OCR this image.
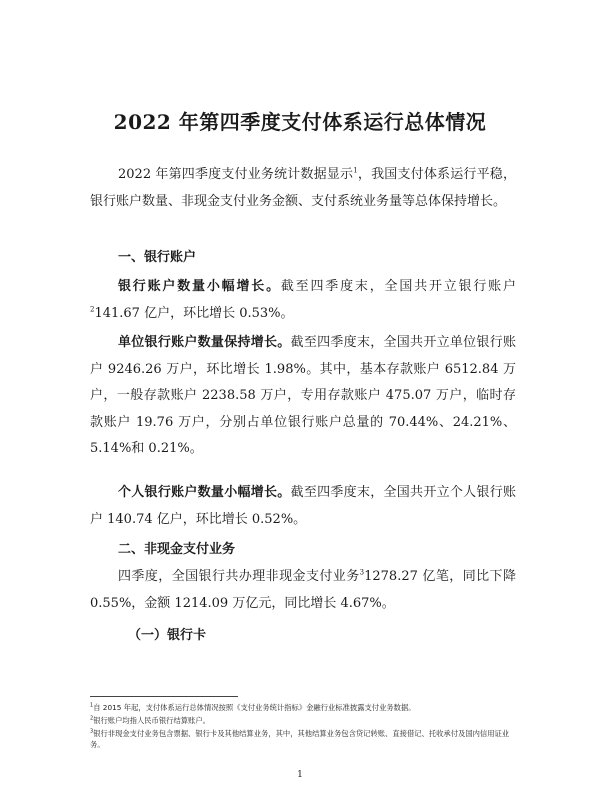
2022 年第四季度支付体系运行总体情况
2022 年第四季度支付业务统计数据显示$^1$，我国支付体系运行平稳，银行账户数量、非现金支付业务金额、支付系统业务量等总体保持增长。
一、银行账户
银行账户数量小幅增长。截至四季度末，全国共开立银行账户$^2$141.67 亿户，环比增长 0.53%。
单位银行账户数量保持增长。截至四季度末，全国共开立单位银行账户 9246.26 万户，环比增长 1.98%。其中，基本存款账户 6512.84 万户，一般存款账户 2238.58 万户，专用存款账户 475.07 万户，临时存款账户 19.76 万户，分别占单位银行账户总量的 70.44%、24.21%、5.14%和 0.21%。
个人银行账户数量小幅增长。截至四季度末，全国共开立个人银行账户 140.74 亿户，环比增长 0.52%。
二、非现金支付业务
四季度，全国银行共办理非现金支付业务$^3$1278.27 亿笔，同比下降 0.55%，金额 1214.09 万亿元，同比增长 4.67%。
（一）银行卡
$^1$自 2015 年起，支付体系运行总体情况按照《支付业务统计指标》金融行业标准披露支付业务数据。
$^2$银行账户均指人民币银行结算账户。
$^3$银行非现金支付业务包含票据、银行卡及其他结算业务，其中，其他结算业务包含贷记转账、直接借记、托收承付及国内信用证业务。
1
